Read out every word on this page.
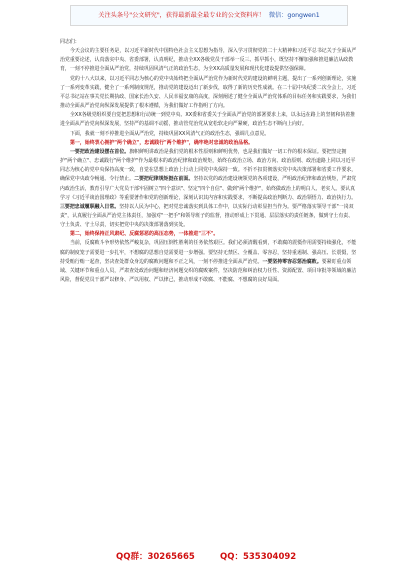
关注头条号"公文研究"，获得最新最全最专业的公文资料库！ 微信：gongwen1

同志们：

今天会议的主要任务是，以习近平新时代中国特色社会主义思想为指导，深入学习贯彻党的二十大精神和习近平总书记关于全面从严治党重要论述，认真落实中央、省委部署，认真明纪，推动全XX各级党员干部举一反三、抓早抓小，既坚持不懈加强和推进廉洁从政教育，一刻不停推进全面从严治党，持续巩固风清气正的政治生态，为全XX高质量发展和现代化建设提供坚强保障。

党的十八大以来，以习近平同志为核心的党中央始终把全面从严治党作为新时代党的建设的鲜明主题，提出了一系列创新理论，实施了一系列变革实践，健全了一系列制度规范，推动党的建设迈出了新步伐，取得了新的历史性成就。在二十届中央纪委二次全会上，习近平总书记站在事关党长期执政、国家长治久安、人民幸福安康的高度，深刻阐述了健全全面从严治党体系的目标任务和实践要求，为我们推动全面从严治党向纵深发展提供了根本遵循，为我们做好工作指明了方向。

全XX各级党组织要自觉把思想和行动统一到党中央、XX委和省委关于全面从严治党的部署要求上来，以永远在路上的坚韧和执着推进全面从严治党向纵深发展，坚持严的基调不动摇，推动管党治党从宽松软走向严紧硬，政治生态不断向上向好。

下面，我就一刻不停推进全面从严治党，持续巩固XX风清气正的政治生态，强调几点意见。

第一，始终衷心拥护"两个确立"，忠诚践行"两个维护"，确牢绝对忠诚的政治品格。

一要把政治建设摆在首位。旗帜鲜明讲政治是我们党的根本性原则和鲜明优势，也是我们做好一切工作的根本保证。要把坚定拥护"两个确立"、忠诚践行"两个维护"作为最根本的政治纪律和政治规矩，始终在政治立场、政治方向、政治原则、政治道路上同以习近平同志为核心的党中央保持高度一致，自觉在思想上政治上行动上同党中央保持一致。不折不扣贯彻落实党中央决策部署和省委工作要求，确保党中央政令畅通、令行禁止。二要把纪律规矩挺在前面。坚持以党的政治建设统领党的各项建设，严明政治纪律和政治规矩，严肃党内政治生活，教育引导广大党员干部牢固树立"四个意识"、坚定"四个自信"、做到"两个维护"，始终做政治上的明白人、老实人。要认真学习《习近平谈治国理政》等重要著作和党的创新理论，深刻认识其内容和实践要求，不断提高政治判断力、政治领悟力、政治执行力。三要把忠诚履职融入日常。坚持以人民为中心，把对党忠诚落实到具体工作中，以实际行动彰显担当作为。要严格落实领导干部"一岗双责"，认真履行全面从严治党主体责任，加强对"一把手"和领导班子的监督，推动形成上下贯通、层层落实的责任链条，做到守土有责、守土负责、守土尽责，切实把党中央的决策部署落到实处。

第二，始终保持正风肃纪、反腐惩恶的高压态势，一体推进"三不"。

当前，反腐败斗争形势依然严峻复杂，巩固压倒性胜利的任务依然艰巨。我们必须清醒看到，不敢腐的震慑作用需要持续强化，不能腐的制度笼子需要进一步扎牢，不想腐的思想自觉需要进一步增强。要坚持无禁区、全覆盖、零容忍，坚持重遏制、强高压、长震慑，坚持受贿行贿一起查，坚决查处群众身边的腐败问题和不正之风，一刻不停推进全面从严治党。一要坚持零容忍惩治腐败。要紧盯重点领域、关键环节和重点人员，严肃查处政治问题和经济问题交织的腐败案件，坚决防范和纠治权力任性、资源配置、项目审批等领域的廉洁风险，督促党员干部严以修身、严以用权、严以律己，推动形成不敢腐、不能腐、不想腐的良好局面。

QQ群：30265665	QQ：535304092
